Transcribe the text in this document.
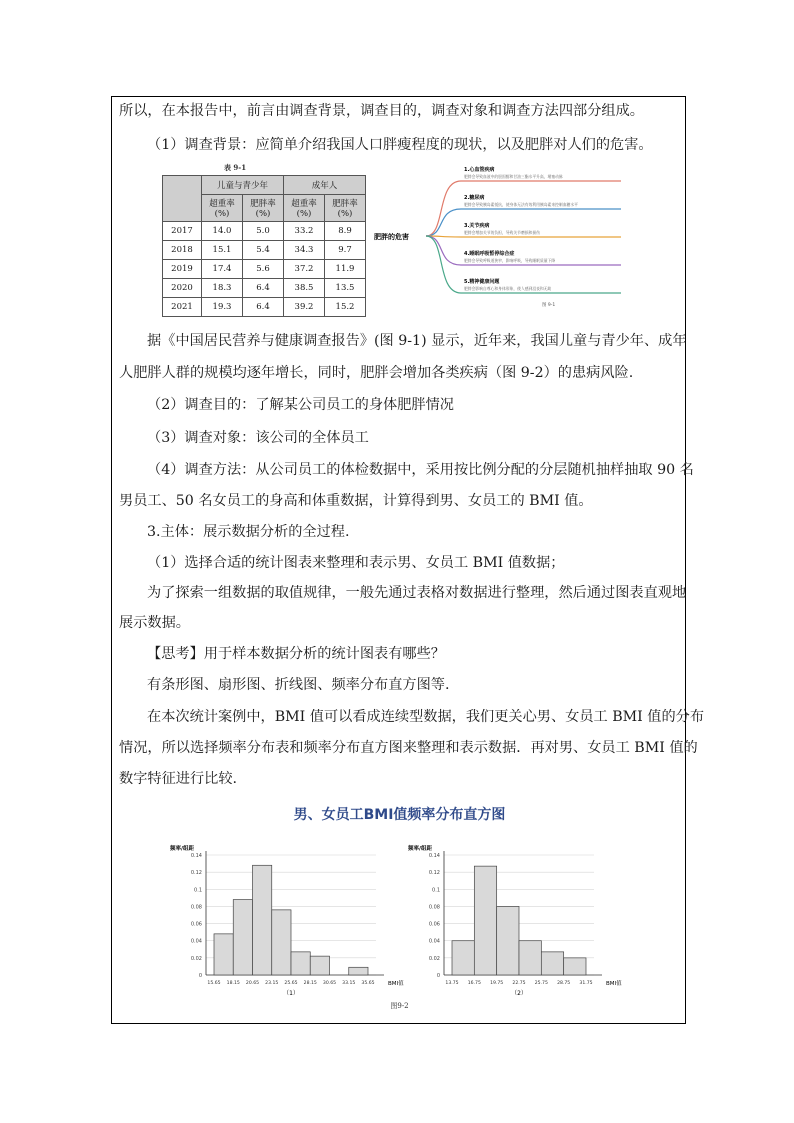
所以，在本报告中，前言由调查背景，调查目的，调查对象和调查方法四部分组成。
（1）调查背景：应简单介绍我国人口胖瘦程度的现状，以及肥胖对人们的危害。
表 9-1
	儿童与青少年		成年人	
	超重率(%)	肥胖率(%)	超重率(%)	肥胖率(%)
2017	14.0	5.0	33.2	8.9
2018	15.1	5.4	34.3	9.7
2019	17.4	5.6	37.2	11.9
2020	18.3	6.4	38.5	13.5
2021	19.3	6.4	39.2	15.2
肥胖的危害
1.心血管疾病
肥胖会导致血液中的胆固醇和甘油三酯水平升高，堵塞动脉
2.糖尿病
肥胖会导致胰岛素抵抗，使身体无法有效利用胰岛素来控制血糖水平
3.关节疾病
肥胖会增加关节的负担，导致关节磨损和损伤
4.睡眠呼吸暂停综合症
肥胖会导致呼吸道狭窄，影响呼吸，导致睡眠质量下降
5.精神健康问题
肥胖会影响自尊心和身体形象，使人感到沮丧和无助
图 9-1
据《中国居民营养与健康调查报告》(图 9-1) 显示，近年来，我国儿童与青少年、成年
人肥胖人群的规模均逐年增长，同时，肥胖会增加各类疾病（图 9-2）的患病风险.
（2）调查目的：了解某公司员工的身体肥胖情况
（3）调查对象：该公司的全体员工
（4）调查方法：从公司员工的体检数据中，采用按比例分配的分层随机抽样抽取 90 名
男员工、50 名女员工的身高和体重数据，计算得到男、女员工的 BMI 值。
3.主体：展示数据分析的全过程.
（1）选择合适的统计图表来整理和表示男、女员工 BMI 值数据；
为了探索一组数据的取值规律，一般先通过表格对数据进行整理，然后通过图表直观地
展示数据。
【思考】用于样本数据分析的统计图表有哪些？
有条形图、扇形图、折线图、频率分布直方图等.
在本次统计案例中，BMI 值可以看成连续型数据，我们更关心男、女员工 BMI 值的分布
情况，所以选择频率分布表和频率分布直方图来整理和表示数据．再对男、女员工 BMI 值的
数字特征进行比较.
男、女员工BMI值频率分布直方图
频率/组距
0
0.02
0.04
0.06
0.08
0.1
0.12
0.14
15.65 18.15 20.65 23.15 25.65 28.15 30.65 33.15 35.65 BMI值
（1）
频率/组距
0
0.02
0.04
0.06
0.08
0.1
0.12
0.14
13.75 16.75 19.75 22.75 25.75 28.75 31.75 BMI值
（2）
图9-2
